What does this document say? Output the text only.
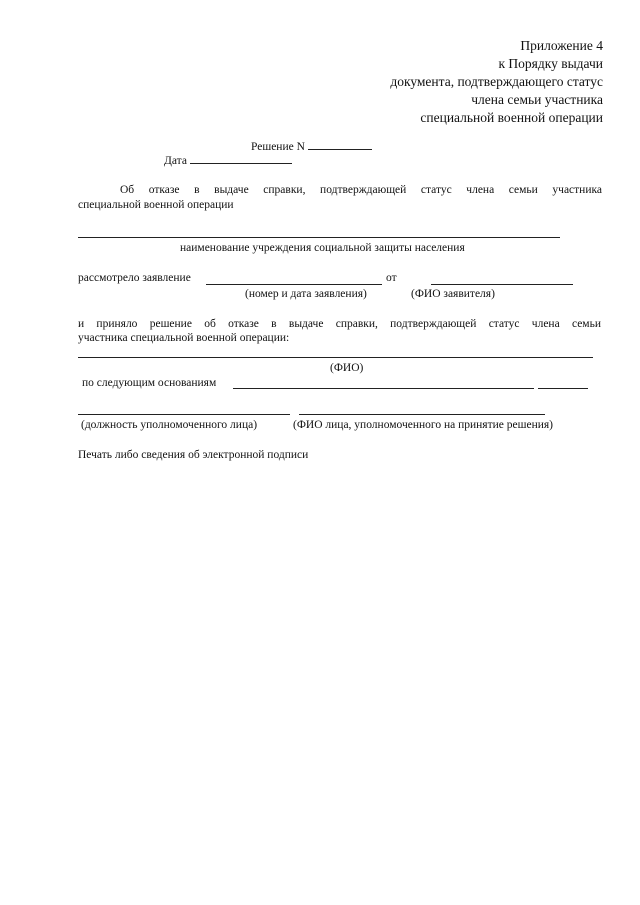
Приложение 4
к Порядку выдачи
документа, подтверждающего статус
члена семьи участника
специальной военной операции
Решение N
Дата
Об отказе в выдаче справки, подтверждающей статус члена семьи участника
специальной военной операции
наименование учреждения социальной защиты населения
рассмотрело заявление	от
(номер и дата заявления)	(ФИО заявителя)
и принялo решение об отказе в выдаче справки, подтверждающей статус члена семьи
участника специальной военной операции:
(ФИО)
по следующим основаниям
(должность уполномоченного лица)	(ФИО лица, уполномоченного на принятие решения)
Печать либо сведения об электронной подписи
